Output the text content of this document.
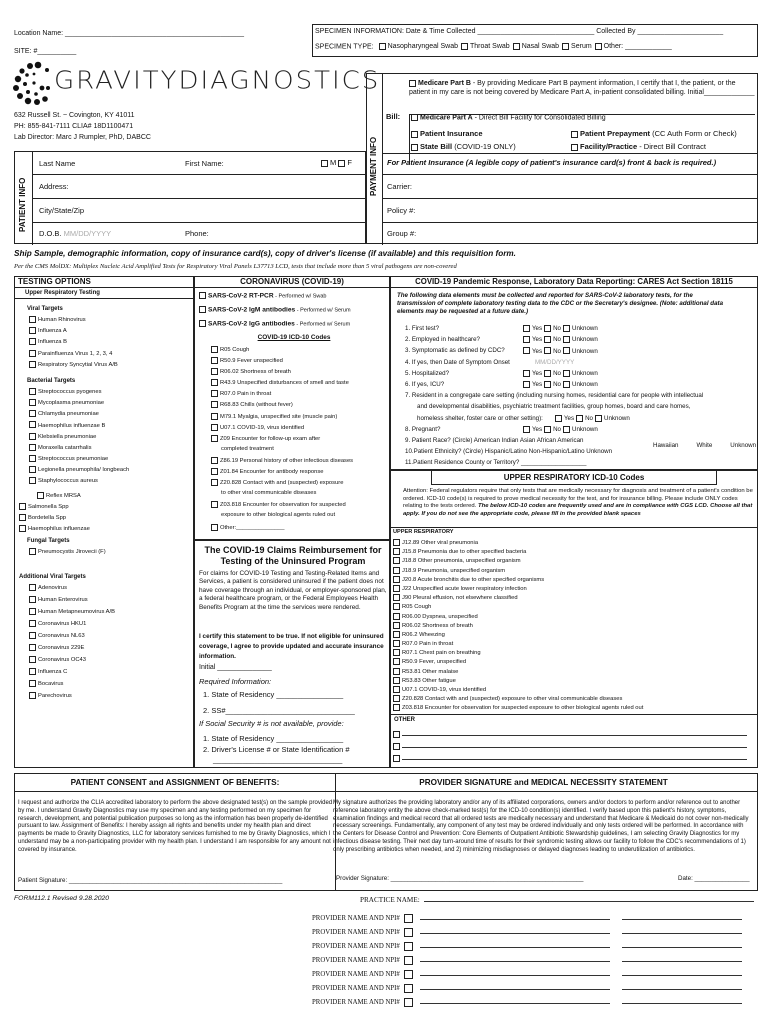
Location Name: ______________________________________________
SITE: #__________
SPECIMEN INFORMATION: Date & Time Collected ______________________________ Collected By ______________________
SPECIMEN TYPE: Nasopharyngeal Swab Throat Swab Nasal Swab Serum Other: ____________
GRAVITYDIAGNOSTICS
632 Russell St. ~ Covington, KY 41011
PH: 855-841-7111 CLIA# 18D1100471
Lab Director: Marc J Rumpler, PhD, DABCC	PAYMENT INFO
Bill:
Medicare Part B - By providing Medicare Part B payment information, I certify that I, the patient, or the patient in my care is not being covered by Medicare Part A, in-patient consolidated billing. Initial_____________
Medicare Part A - Direct Bill Facility for Consolidated Billing
Patient Insurance	Patient Prepayment (CC Auth Form or Check)
State Bill (COVID-19 ONLY)	Facility/Practice - Direct Bill Contract
For Patient Insurance (A legible copy of patient's insurance card(s) front & back is required.)
Carrier:
Policy #:
Group #:
PATIENT INFO
Last Name	First Name:	M F
Address:
City/State/Zip
D.O.B. MM/DD/YYYY	Phone:
Ship Sample, demographic information, copy of insurance card(s), copy of driver's license (if available) and this requisition form.
Per the CMS MolDX: Multiplex Nucleic Acid Amplified Tests for Respiratory Viral Panels L37713 LCD, tests that include more than 5 viral pathogens are non-covered
TESTING OPTIONS
Upper Respiratory Testing
Viral Targets
Human Rhinovirus
Influenza A
Influenza B
Parainfluenza Virus 1, 2, 3, 4
Respiratory Syncytial Virus A/B
Bacterial Targets
Streptococcus pyogenes
Mycoplasma pneumoniae
Chlamydia pneumoniae
Haemophilus influenzae B
Klebsiella pneumoniae
Moraxella catarrhalis
Streptococcus pneumoniae
Legionella pneumophila/ longbeach
Staphylococcus aureus
Reflex MRSA
Salmonella Spp
Bordetella Spp
Haemophilus influenzae
Fungal Targets
Pneumocystis Jirovecii (F)
Additional Viral Targets
Adenovirus
Human Enterovirus
Human Metapneumovirus A/B
Coronavirus HKU1
Coronavirus NL63
Coronavirus 229E
Coronavirus OC43
Influenza C
Bocavirus
Parechovirus
CORONAVIRUS (COVID-19)
SARS-CoV-2 RT-PCR - Performed w/ Swab
SARS-CoV-2 IgM antibodies - Performed w/ Serum
SARS-CoV-2 IgG antibodies - Performed w/ Serum
COVID-19 ICD-10 Codes
R05 Cough
R50.9 Fever unspecified
R06.02 Shortness of breath
R43.9 Unspecified disturbances of smell and taste
R07.0 Pain in throat
R68.83 Chills (without fever)
M79.1 Myalgia, unspecified site (muscle pain)
U07.1 COVID-19, virus identified
Z09 Encounter for follow-up exam after
completed treatment
Z86.19 Personal history of other infectious diseases
Z01.84 Encounter for antibody response
Z20.828 Contact with and (suspected) exposure
to other viral communicable diseases
Z03.818 Encounter for observation for suspected
exposure to other biological agents ruled out
Other:_______________
The COVID-19 Claims Reimbursement for Testing of the Uninsured Program
For claims for COVID-19 Testing and Testing-Related Items and Services, a patient is considered uninsured if the patient does not have coverage through an individual, or employer-sponsored plan, a federal healthcare program, or the Federal Employees Health Benefits Program at the time the services were rendered.
I certify this statement to be true. If not eligible for uninsured coverage, I agree to provide updated and accurate insurance information.
Initial ______________
Required Information:
1. State of Residency ________________
2. SS#_______________________________
If Social Security # is not available, provide:
1. State of Residency ________________
2. Driver's License # or State Identification #
_______________________________
COVID-19 Pandemic Response, Laboratory Data Reporting: CARES Act Section 18115
The following data elements must be collected and reported for SARS-CoV-2 laboratory tests, for the transmission of complete laboratory testing data to the CDC or the Secretary's designee. (Note: additional data elements may be requested at a future date.)
1. First test?	Yes No Unknown
2. Employed in healthcare?	Yes No Unknown
3. Symptomatic as defined by CDC?	Yes No Unknown
4. If yes, then Date of Symptom Onset	MM/DD/YYYY
5. Hospitalized?	Yes No Unknown
6. If yes, ICU?	Yes No Unknown
7. Resident in a congregate care setting (including nursing homes, residential care for people with intellectual
and developmental disabilities, psychiatric treatment facilities, group homes, board and care homes,
homeless shelter, foster care or other setting):	Yes No Unknown
8. Pregnant?	Yes No Unknown
9. Patient Race? (Circle) American Indian Asian African American
Hawaiian	White	Unknown
10.Patient Ethnicity? (Circle) Hispanic/Latino Non-Hispanic/Latino Unknown
11.Patient Residence County or Territory? ___________________
UPPER RESPIRATORY ICD-10 Codes
Attention: Federal regulators require that only tests that are medically necessary for diagnosis and treatment of a patient's condition be ordered. ICD-10 code(s) is required to prove medical necessity for the test, and for insurance billing. Please include ONLY codes relating to the tests ordered. The below ICD-10 codes are frequently used and are in compliance with CGS LCD. Choose all that apply. If you do not see the appropriate code, please fill in the provided blank spaces
UPPER RESPIRATORY
J12.89 Other viral pneumonia
J15.8 Pneumonia due to other specified bacteria
J18.8 Other pneumonia, unspecified organism
J18.9 Pneumonia, unspecified organism
J20.8 Acute bronchitis due to other specified organisms
J22 Unspecified acute lower respiratory infection
J90 Pleural effusion, not elsewhere classified
R05 Cough
R06.00 Dyspnea, unspecified
R06.02 Shortness of breath
R06.2 Wheezing
R07.0 Pain in throat
R07.1 Chest pain on breathing
R50.9 Fever, unspecified
R53.81 Other malaise
R53.83 Other fatigue
U07.1 COVID-19, virus identified
Z20.828 Contact with and (suspected) exposure to other viral communicable diseases
Z03.818 Encounter for observation for suspected exposure to other biological agents ruled out
OTHER
PATIENT CONSENT and ASSIGNMENT OF BENEFITS:
I request and authorize the CLIA accredited laboratory to perform the above designated test(s) on the sample provided by me. I understand Gravity Diagnostics may use my specimen and any testing performed on my specimen for research, development, and potential publication purposes so long as the information has been properly de-identified pursuant to law. Assignment of Benefits: I hereby assign all rights and benefits under my health plan and direct payments be made to Gravity Diagnostics, LLC for laboratory services furnished to me by Gravity Diagnostics, which I understand may be a non-participating provider with my health plan. I understand I am responsible for any amount not covered by insurance.
Patient Signature: ______________________________________________________________
PROVIDER SIGNATURE and MEDICAL NECESSITY STATEMENT
My signature authorizes the providing laboratory and/or any of its affiliated corporations, owners and/or doctors to perform and/or reference out to another reference laboratory entity the above check-marked test(s) for the ICD-10 condition(s) identified. I verify based upon this patient's history, symptoms, examination findings and medical record that all ordered tests are medically necessary and understand that Medicare & Medicaid do not cover non-medically necessary screenings. Fundamentally, any component of any test may be ordered individually and only tests ordered will be performed. In accordance with the Centers for Disease Control and Prevention: Core Elements of Outpatient Antibiotic Stewardship guidelines, I am selecting Gravity Diagnostics for my infectious disease testing. Their next day turn-around time of results for their syndromic testing allows our facility to follow the CDC's recommendations of 1) only prescribing antibiotics when needed, and 2) minimizing misdiagnoses or delayed diagnoses leading to underutilization of antibiotics.
Provider Signature: ________________________________________________________	Date: ________________
FORM112.1 Revised 9.28.2020	PRACTICE NAME:
PROVIDER NAME AND NPI#
PROVIDER NAME AND NPI#
PROVIDER NAME AND NPI#
PROVIDER NAME AND NPI#
PROVIDER NAME AND NPI#
PROVIDER NAME AND NPI#
PROVIDER NAME AND NPI#
